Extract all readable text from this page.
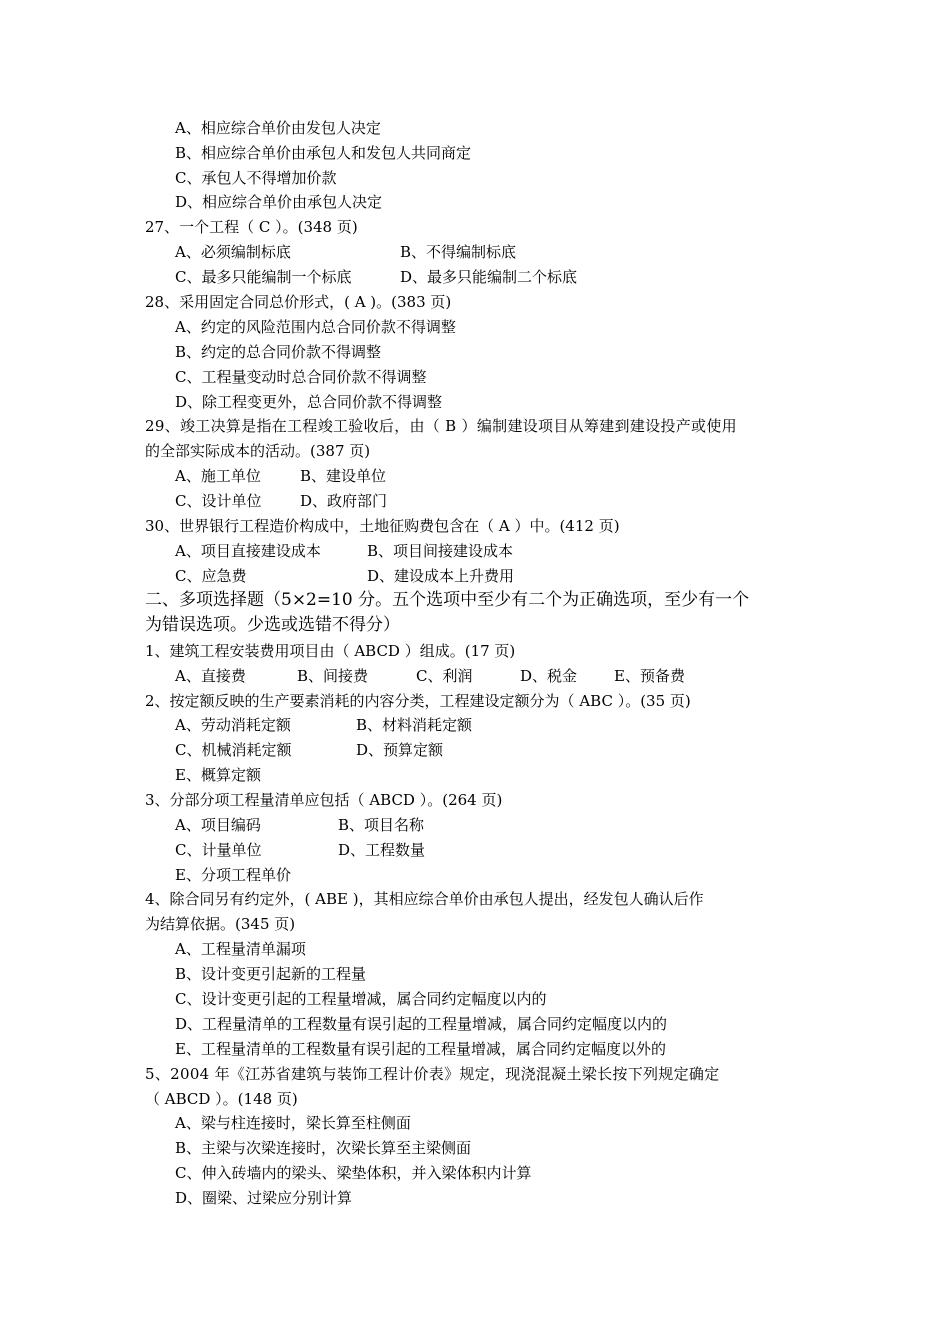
A、相应综合单价由发包人决定
B、相应综合单价由承包人和发包人共同商定
C、承包人不得增加价款
D、相应综合单价由承包人决定
27、一个工程（ C ）。(348 页)
A、必须编制标底	B、不得编制标底
C、最多只能编制一个标底	D、最多只能编制二个标底
28、采用固定合同总价形式，( A )。(383 页)
A、约定的风险范围内总合同价款不得调整
B、约定的总合同价款不得调整
C、工程量变动时总合同价款不得调整
D、除工程变更外，总合同价款不得调整
29、竣工决算是指在工程竣工验收后，由（ B ）编制建设项目从筹建到建设投产或使用
的全部实际成本的活动。(387 页)
A、施工单位	B、建设单位
C、设计单位	D、政府部门
30、世界银行工程造价构成中，土地征购费包含在（ A ）中。(412 页)
A、项目直接建设成本	B、项目间接建设成本
C、应急费	D、建设成本上升费用
二、多项选择题（5×2=10 分。五个选项中至少有二个为正确选项，至少有一个
为错误选项。少选或选错不得分）
1、建筑工程安装费用项目由（ ABCD ）组成。(17 页)
A、直接费	B、间接费	C、利润	D、税金 E、预备费
2、按定额反映的生产要素消耗的内容分类，工程建设定额分为（ ABC ）。(35 页)
A、劳动消耗定额	B、材料消耗定额
C、机械消耗定额	D、预算定额
E、概算定额
3、分部分项工程量清单应包括（ ABCD ）。(264 页)
A、项目编码	B、项目名称
C、计量单位	D、工程数量
E、分项工程单价
4、除合同另有约定外，( ABE )，其相应综合单价由承包人提出，经发包人确认后作
为结算依据。(345 页)
A、工程量清单漏项
B、设计变更引起新的工程量
C、设计变更引起的工程量增减，属合同约定幅度以内的
D、工程量清单的工程数量有误引起的工程量增减，属合同约定幅度以内的
E、工程量清单的工程数量有误引起的工程量增减，属合同约定幅度以外的
5、2004 年《江苏省建筑与装饰工程计价表》规定，现浇混凝土梁长按下列规定确定
（ ABCD ）。(148 页)
A、梁与柱连接时，梁长算至柱侧面
B、主梁与次梁连接时，次梁长算至主梁侧面
C、伸入砖墙内的梁头、梁垫体积，并入梁体积内计算
D、圈梁、过梁应分别计算
